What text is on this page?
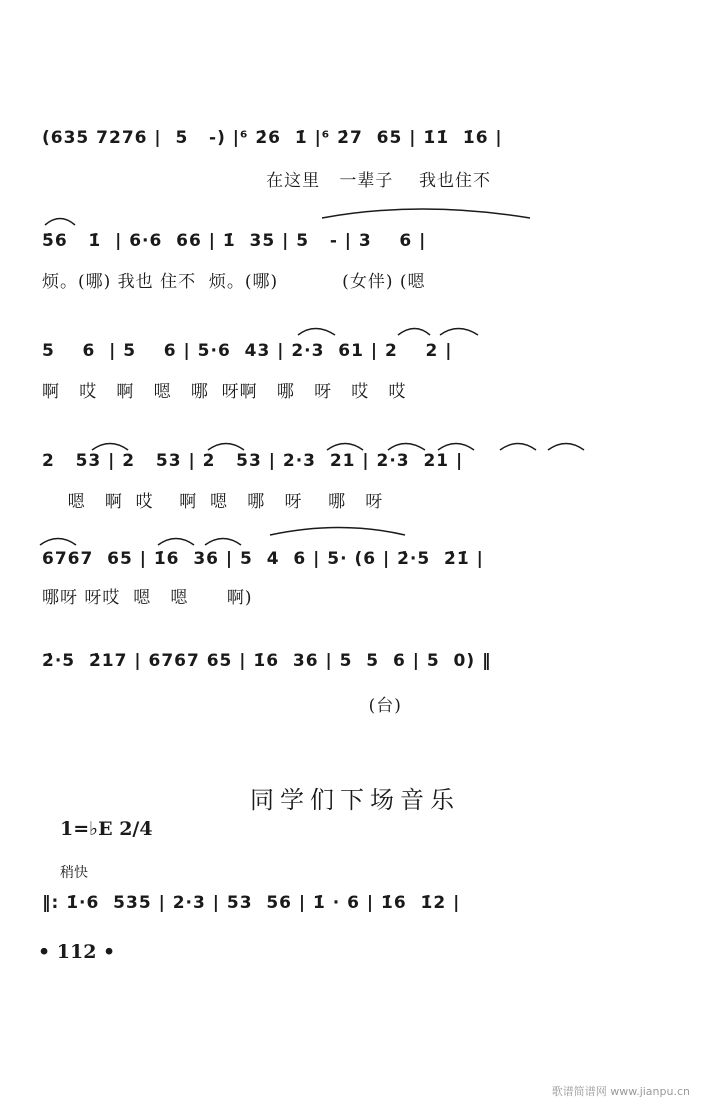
(635 7276 |  5   -) |⁶ 2̇6  1̇ |⁶ 2̇7  65 | 1̇1̇  1̇6 |
在这里   一辈子    我也住不
5̇6   1̇  | 6·6  66 | 1̇  35 | 5   - | 3    6 |
烦。(哪) 我也 住不  烦。(哪)          (女伴) (嗯
5    6  | 5    6 | 5·6  43 | 2·3  61 | 2    2 |
啊   哎   啊   嗯   哪  呀啊   哪   呀   哎   哎
2   53 | 2   53 | 2   53 | 2·3  21 | 2·3  21 |
嗯   啊  哎    啊  嗯   哪   呀    哪   呀
6767  65 | 1̇6  36 | 5  4  6 | 5· (6 | 2̇·5  2̇1̇ |
哪呀 呀哎  嗯   嗯      啊)
2̇·5  2̇17 | 6767 65 | 1̇6  36 | 5  5  6 | 5  0) ‖
(台)
同学们下场音乐
1=♭E 2/4
稍快
‖: 1̇·6  535 | 2·3 | 53  56 | 1̇ · 6 | 1̇6  1̇2 |
• 112 •
歌谱简谱网 www.jianpu.cn
